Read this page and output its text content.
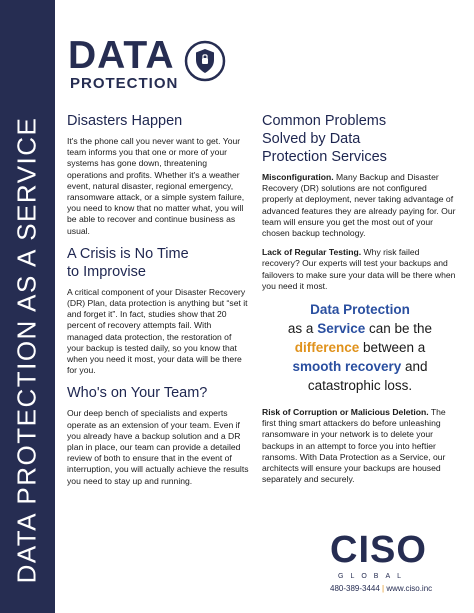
DATA PROTECTION AS A SERVICE
DATA
PROTECTION
Disasters Happen

It's the phone call you never want to get. Your team informs you that one or more of your systems has gone down, threatening operations and profits. Whether it's a weather event, natural disaster, regional emergency, ransomware attack, or a simple system failure, you need to know that no matter what, you will be able to recover and continue business as usual.

A Crisis is No Time
to Improvise

A critical component of your Disaster Recovery (DR) Plan, data protection is anything but “set it and forget it”. In fact, studies show that 20 percent of recovery attempts fail. With managed data protection, the restoration of your backup is tested daily, so you know that when you need it most, your data will be there for you.

Who's on Your Team?

Our deep bench of specialists and experts operate as an extension of your team. Even if you already have a backup solution and a DR plan in place, our team can provide a detailed review of both to ensure that in the event of interruption, you will actually achieve the results you need to stay up and running.

Common Problems
Solved by Data
Protection Services

Misconfiguration. Many Backup and Disaster Recovery (DR) solutions are not configured properly at deployment, never taking advantage of advanced features they are already paying for. Our team will ensure you get the most out of your chosen backup technology.

Lack of Regular Testing. Why risk failed recovery? Our experts will test your backups and failovers to make sure your data will be there when you need it most.

Data Protection
as a Service can be the
difference between a
smooth recovery and
catastrophic loss.

Risk of Corruption or Malicious Deletion. The first thing smart attackers do before unleashing ransomware in your network is to delete your backups in an attempt to force you into heftier ransoms. With Data Protection as a Service, our architects will ensure your backups are housed separately and securely.

CISO
GLOBAL
480-389-3444 | www.ciso.inc
